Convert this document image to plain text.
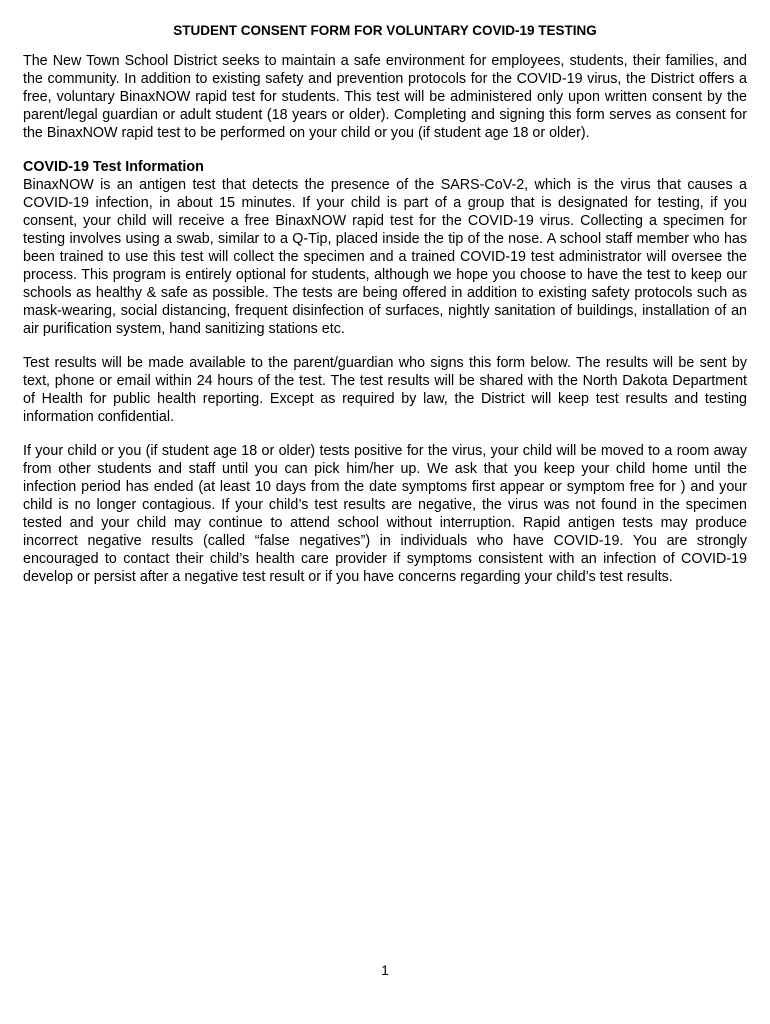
STUDENT CONSENT FORM FOR VOLUNTARY COVID-19 TESTING

The New Town School District seeks to maintain a safe environment for employees, students, their families, and the community. In addition to existing safety and prevention protocols for the COVID-19 virus, the District offers a free, voluntary BinaxNOW rapid test for students. This test will be administered only upon written consent by the parent/legal guardian or adult student (18 years or older). Completing and signing this form serves as consent for the BinaxNOW rapid test to be performed on your child or you (if student age 18 or older).

COVID-19 Test Information

BinaxNOW is an antigen test that detects the presence of the SARS-CoV-2, which is the virus that causes a COVID-19 infection, in about 15 minutes. If your child is part of a group that is designated for testing, if you consent, your child will receive a free BinaxNOW rapid test for the COVID-19 virus. Collecting a specimen for testing involves using a swab, similar to a Q-Tip, placed inside the tip of the nose. A school staff member who has been trained to use this test will collect the specimen and a trained COVID-19 test administrator will oversee the process. This program is entirely optional for students, although we hope you choose to have the test to keep our schools as healthy & safe as possible. The tests are being offered in addition to existing safety protocols such as mask-wearing, social distancing, frequent disinfection of surfaces, nightly sanitation of buildings, installation of an air purification system, hand sanitizing stations etc.

Test results will be made available to the parent/guardian who signs this form below. The results will be sent by text, phone or email within 24 hours of the test. The test results will be shared with the North Dakota Department of Health for public health reporting. Except as required by law, the District will keep test results and testing information confidential.

If your child or you (if student age 18 or older) tests positive for the virus, your child will be moved to a room away from other students and staff until you can pick him/her up. We ask that you keep your child home until the infection period has ended (at least 10 days from the date symptoms first appear or symptom free for ) and your child is no longer contagious. If your child’s test results are negative, the virus was not found in the specimen tested and your child may continue to attend school without interruption. Rapid antigen tests may produce incorrect negative results (called “false negatives”) in individuals who have COVID-19. You are strongly encouraged to contact their child’s health care provider if symptoms consistent with an infection of COVID-19 develop or persist after a negative test result or if you have concerns regarding your child’s test results.

1
